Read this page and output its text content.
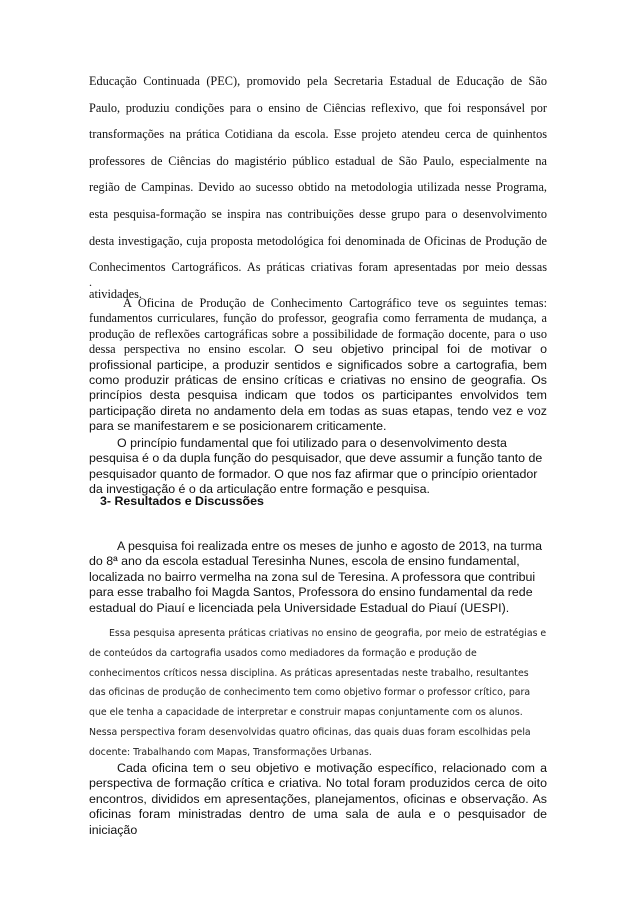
Educação Continuada (PEC), promovido pela Secretaria Estadual de Educação de São Paulo, produziu condições para o ensino de Ciências reflexivo, que foi responsável por transformações na prática Cotidiana da escola. Esse projeto atendeu cerca de quinhentos professores de Ciências do magistério público estadual de São Paulo, especialmente na região de Campinas. Devido ao sucesso obtido na metodologia utilizada nesse Programa, esta pesquisa-formação se inspira nas contribuições desse grupo para o desenvolvimento desta investigação, cuja proposta metodológica foi denominada de Oficinas de Produção de Conhecimentos Cartográficos. As práticas criativas foram apresentadas por meio dessas atividades.

.

A Oficina de Produção de Conhecimento Cartográfico teve os seguintes temas: fundamentos curriculares, função do professor, geografia como ferramenta de mudança, a produção de reflexões cartográficas sobre a possibilidade de formação docente, para o uso dessa perspectiva no ensino escolar. O seu objetivo principal foi de motivar o profissional participe, a produzir sentidos e significados sobre a cartografia, bem como produzir práticas de ensino críticas e criativas no ensino de geografia. Os princípios desta pesquisa indicam que todos os participantes envolvidos tem participação direta no andamento dela em todas as suas etapas, tendo vez e voz para se manifestarem e se posicionarem criticamente.

O princípio fundamental que foi utilizado para o desenvolvimento desta pesquisa é o da dupla função do pesquisador, que deve assumir a função tanto de pesquisador quanto de formador. O que nos faz afirmar que o princípio orientador da investigação é o da articulação entre formação e pesquisa.

3- Resultados e Discussões

A pesquisa foi realizada entre os meses de junho e agosto de 2013, na turma do 8ª ano da escola estadual Teresinha Nunes, escola de ensino fundamental, localizada no bairro vermelha na zona sul de Teresina. A professora que contribui para esse trabalho foi Magda Santos, Professora do ensino fundamental da rede estadual do Piauí e licenciada pela Universidade Estadual do Piauí (UESPI).

Essa pesquisa apresenta práticas criativas no ensino de geografia, por meio de estratégias e de conteúdos da cartografia usados como mediadores da formação e produção de conhecimentos críticos nessa disciplina. As práticas apresentadas neste trabalho, resultantes das oficinas de produção de conhecimento tem como objetivo formar o professor crítico, para que ele tenha a capacidade de interpretar e construir mapas conjuntamente com os alunos. Nessa perspectiva foram desenvolvidas quatro oficinas, das quais duas foram escolhidas pela docente: Trabalhando com Mapas, Transformações Urbanas.

Cada oficina tem o seu objetivo e motivação específico, relacionado com a perspectiva de formação crítica e criativa. No total foram produzidos cerca de oito encontros, divididos em apresentações, planejamentos, oficinas e observação. As oficinas foram ministradas dentro de uma sala de aula e o pesquisador de iniciação
